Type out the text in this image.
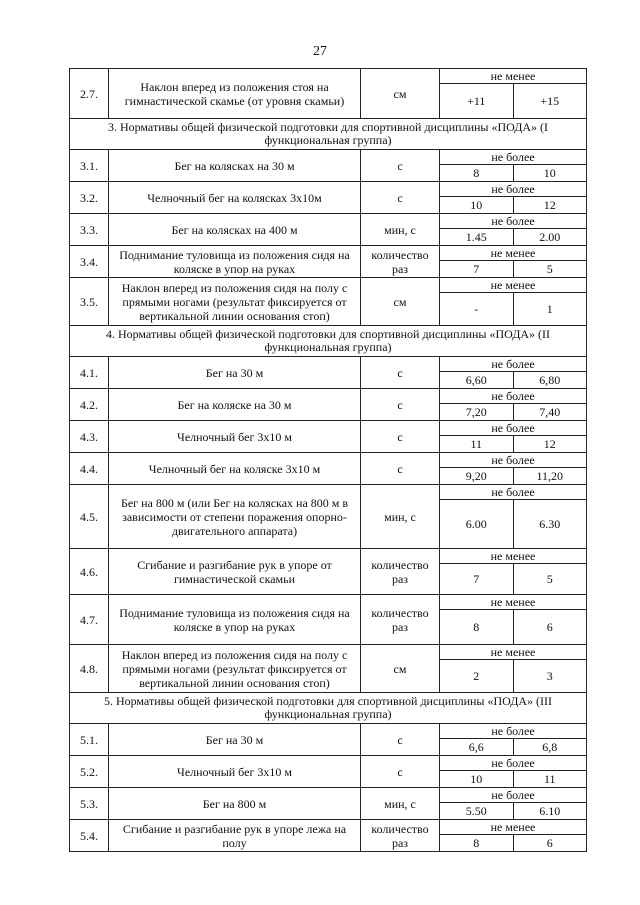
27
2.7.	Наклон вперед из положения стоя на гимнастической скамье (от уровня скамьи)	см	не менее	
			+11	+15
3. Нормативы общей физической подготовки для спортивной дисциплины «ПОДА» (I функциональная группа)				
3.1.	Бег на колясках на 30 м	с	не более	
			8	10
3.2.	Челночный бег на колясках 3х10м	с	не более	
			10	12
3.3.	Бег на колясках на 400 м	мин, с	не более	
			1.45	2.00
3.4.	Поднимание туловища из положения сидя на коляске в упор на руках	количество раз	не менее	
			7	5
3.5.	Наклон вперед из положения сидя на полу с прямыми ногами (результат фиксируется от вертикальной линии основания стоп)	см	не менее	
			-	1
4. Нормативы общей физической подготовки для спортивной дисциплины «ПОДА» (II функциональная группа)				
4.1.	Бег на 30 м	с	не более	
			6,60	6,80
4.2.	Бег на коляске на 30 м	с	не более	
			7,20	7,40
4.3.	Челночный бег 3х10 м	с	не более	
			11	12
4.4.	Челночный бег на коляске 3х10 м	с	не более	
			9,20	11,20
4.5.	Бег на 800 м (или Бег на колясках на 800 м в зависимости от степени поражения опорно-двигательного аппарата)	мин, с	не более	
			6.00	6.30
4.6.	Сгибание и разгибание рук в упоре от гимнастической скамьи	количество раз	не менее	
			7	5
4.7.	Поднимание туловища из положения сидя на коляске в упор на руках	количество раз	не менее	
			8	6
4.8.	Наклон вперед из положения сидя на полу с прямыми ногами (результат фиксируется от вертикальной линии основания стоп)	см	не менее	
			2	3
5. Нормативы общей физической подготовки для спортивной дисциплины «ПОДА» (III функциональная группа)				
5.1.	Бег на 30 м	с	не более	
			6,6	6,8
5.2.	Челночный бег 3х10 м	с	не более	
			10	11
5.3.	Бег на 800 м	мин, с	не более	
			5.50	6.10
5.4.	Сгибание и разгибание рук в упоре лежа на полу	количество раз	не менее	
			8	6
